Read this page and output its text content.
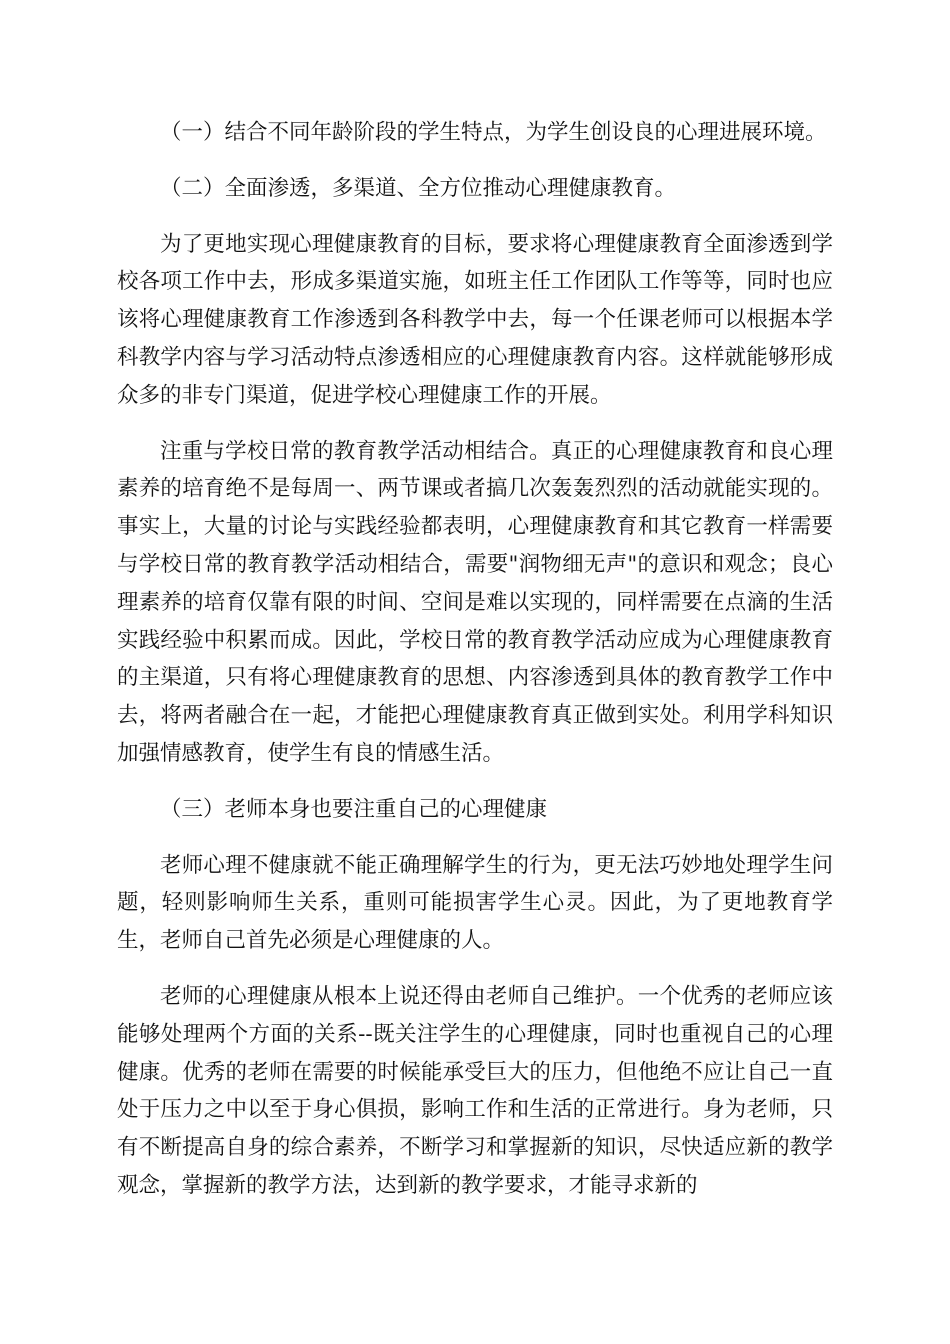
（一）结合不同年龄阶段的学生特点，为学生创设良的心理进展环境。

（二）全面渗透，多渠道、全方位推动心理健康教育。

为了更地实现心理健康教育的目标，要求将心理健康教育全面渗透到学校各项工作中去，形成多渠道实施，如班主任工作团队工作等等，同时也应该将心理健康教育工作渗透到各科教学中去，每一个任课老师可以根据本学科教学内容与学习活动特点渗透相应的心理健康教育内容。这样就能够形成众多的非专门渠道，促进学校心理健康工作的开展。

注重与学校日常的教育教学活动相结合。真正的心理健康教育和良心理素养的培育绝不是每周一、两节课或者搞几次轰轰烈烈的活动就能实现的。事实上，大量的讨论与实践经验都表明，心理健康教育和其它教育一样需要与学校日常的教育教学活动相结合，需要"润物细无声"的意识和观念；良心理素养的培育仅靠有限的时间、空间是难以实现的，同样需要在点滴的生活实践经验中积累而成。因此，学校日常的教育教学活动应成为心理健康教育的主渠道，只有将心理健康教育的思想、内容渗透到具体的教育教学工作中去，将两者融合在一起，才能把心理健康教育真正做到实处。利用学科知识加强情感教育，使学生有良的情感生活。

（三）老师本身也要注重自己的心理健康

老师心理不健康就不能正确理解学生的行为，更无法巧妙地处理学生问题，轻则影响师生关系，重则可能损害学生心灵。因此，为了更地教育学生，老师自己首先必须是心理健康的人。

老师的心理健康从根本上说还得由老师自己维护。一个优秀的老师应该能够处理两个方面的关系--既关注学生的心理健康，同时也重视自己的心理健康。优秀的老师在需要的时候能承受巨大的压力，但他绝不应让自己一直处于压力之中以至于身心俱损，影响工作和生活的正常进行。身为老师，只有不断提高自身的综合素养，不断学习和掌握新的知识，尽快适应新的教学观念，掌握新的教学方法，达到新的教学要求，才能寻求新的
